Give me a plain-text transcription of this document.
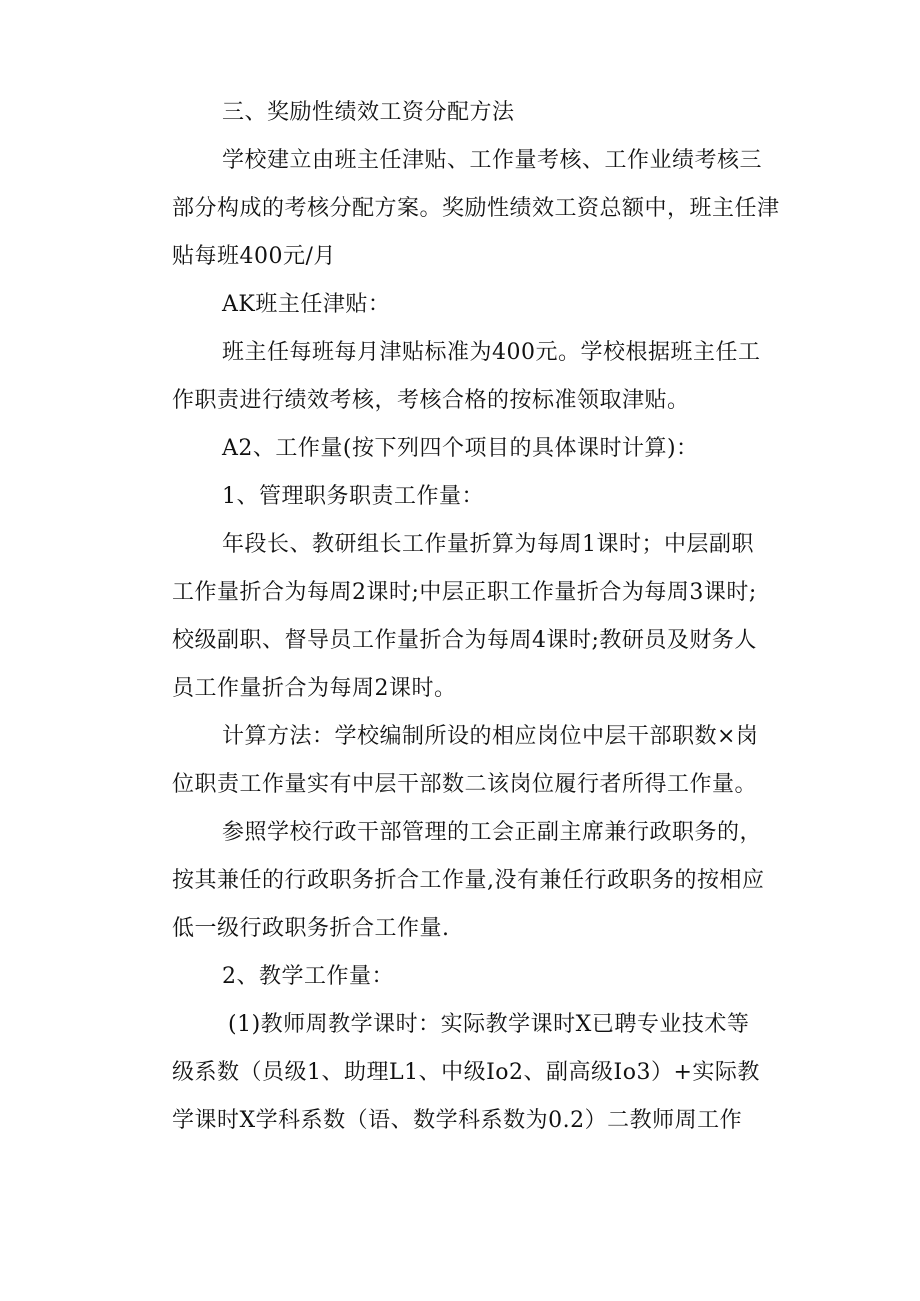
三、奖励性绩效工资分配方法
学校建立由班主任津贴、工作量考核、工作业绩考核三
部分构成的考核分配方案。奖励性绩效工资总额中，班主任津
贴每班400元/月
AK班主任津贴：
班主任每班每月津贴标准为400元。学校根据班主任工
作职责进行绩效考核，考核合格的按标准领取津贴。
A2、工作量(按下列四个项目的具体课时计算)：
1、管理职务职责工作量：
年段长、教研组长工作量折算为每周1课时；中层副职
工作量折合为每周2课时;中层正职工作量折合为每周3课时;
校级副职、督导员工作量折合为每周4课时;教研员及财务人
员工作量折合为每周2课时。
计算方法：学校编制所设的相应岗位中层干部职数×岗
位职责工作量实有中层干部数二该岗位履行者所得工作量。
参照学校行政干部管理的工会正副主席兼行政职务的，
按其兼任的行政职务折合工作量,没有兼任行政职务的按相应
低一级行政职务折合工作量.
2、教学工作量：
(1)教师周教学课时：实际教学课时X已聘专业技术等
级系数（员级1、助理L1、中级Io2、副高级Io3）+实际教
学课时X学科系数（语、数学科系数为0.2）二教师周工作
